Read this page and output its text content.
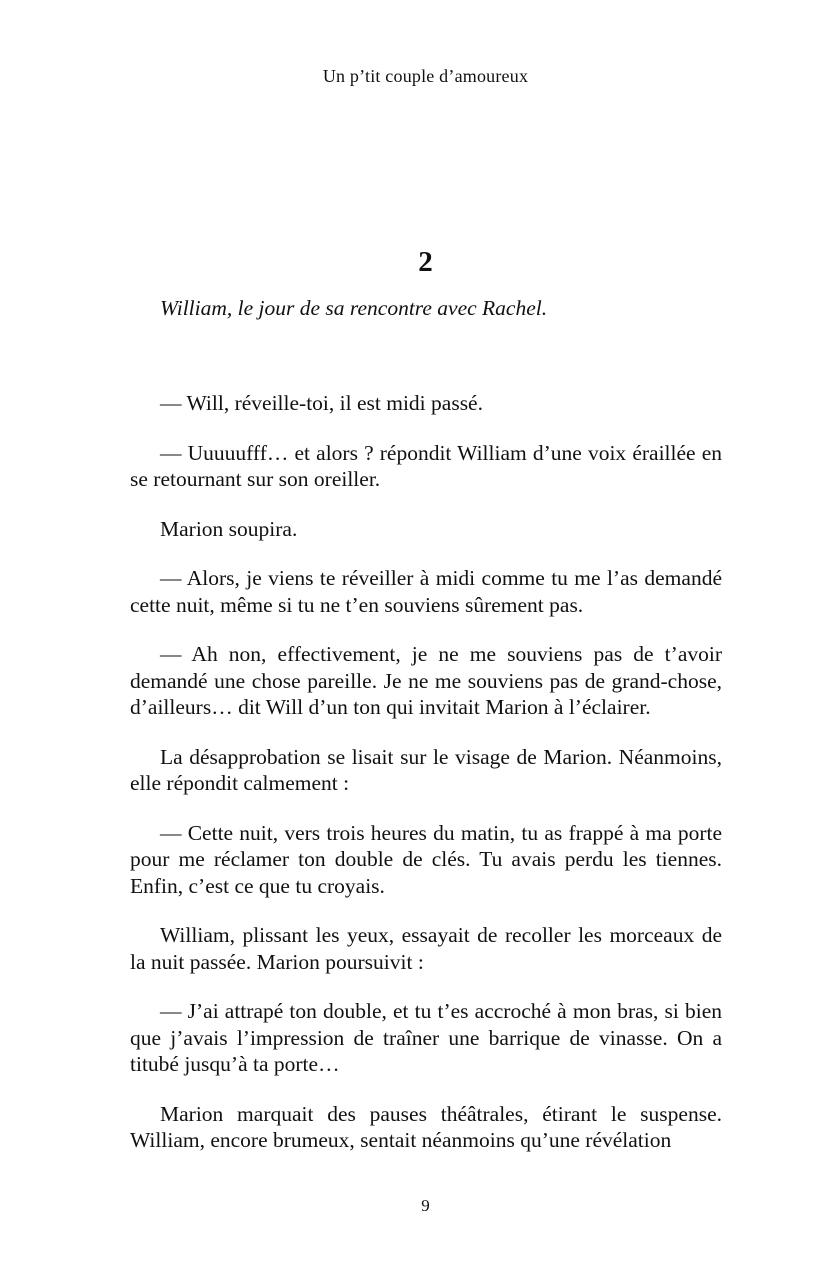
Un p’tit couple d’amoureux
2
William, le jour de sa rencontre avec Rachel.

— Will, réveille-toi, il est midi passé.

— Uuuuufff… et alors ? répondit William d’une voix éraillée en se retournant sur son oreiller.

Marion soupira.

— Alors, je viens te réveiller à midi comme tu me l’as demandé cette nuit, même si tu ne t’en souviens sûrement pas.

— Ah non, effectivement, je ne me souviens pas de t’avoir demandé une chose pareille. Je ne me souviens pas de grand-chose, d’ailleurs… dit Will d’un ton qui invitait Marion à l’éclairer.

La désapprobation se lisait sur le visage de Marion. Néanmoins, elle répondit calmement :

— Cette nuit, vers trois heures du matin, tu as frappé à ma porte pour me réclamer ton double de clés. Tu avais perdu les tiennes. Enfin, c’est ce que tu croyais.

William, plissant les yeux, essayait de recoller les morceaux de la nuit passée. Marion poursuivit :

— J’ai attrapé ton double, et tu t’es accroché à mon bras, si bien que j’avais l’impression de traîner une barrique de vinasse. On a titubé jusqu’à ta porte…

Marion marquait des pauses théâtrales, étirant le suspense. William, encore brumeux, sentait néanmoins qu’une révélation

9
